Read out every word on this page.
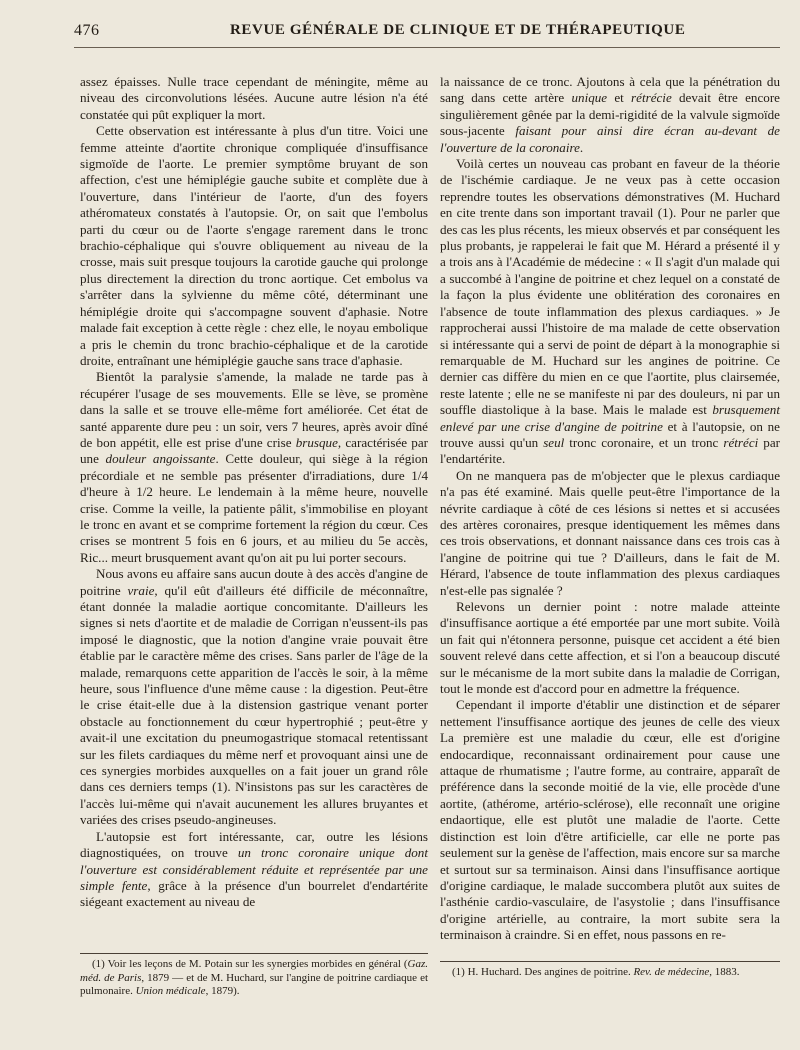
476	REVUE GÉNÉRALE DE CLINIQUE ET DE THÉRAPEUTIQUE

assez épaisses. Nulle trace cependant de méningite, même au niveau des circonvolutions lésées. Aucune autre lésion n'a été constatée qui pût expliquer la mort.

Cette observation est intéressante à plus d'un titre. Voici une femme atteinte d'aortite chronique compliquée d'insuffisance sigmoïde de l'aorte. Le premier symptôme bruyant de son affection, c'est une hémiplégie gauche subite et complète due à l'ouverture, dans l'intérieur de l'aorte, d'un des foyers athéromateux constatés à l'autopsie. Or, on sait que l'embolus parti du cœur ou de l'aorte s'engage rarement dans le tronc brachio-céphalique qui s'ouvre obliquement au niveau de la crosse, mais suit presque toujours la carotide gauche qui prolonge plus directement la direction du tronc aortique. Cet embolus va s'arrêter dans la sylvienne du même côté, déterminant une hémiplégie droite qui s'accompagne souvent d'aphasie. Notre malade fait exception à cette règle : chez elle, le noyau embolique a pris le chemin du tronc brachio-céphalique et de la carotide droite, entraînant une hémiplégie gauche sans trace d'aphasie.

Bientôt la paralysie s'amende, la malade ne tarde pas à récupérer l'usage de ses mouvements. Elle se lève, se promène dans la salle et se trouve elle-même fort améliorée. Cet état de santé apparente dure peu : un soir, vers 7 heures, après avoir dîné de bon appétit, elle est prise d'une crise brusque, caractérisée par une douleur angoissante. Cette douleur, qui siège à la région précordiale et ne semble pas présenter d'irradiations, dure 1/4 d'heure à 1/2 heure. Le lendemain à la même heure, nouvelle crise. Comme la veille, la patiente pâlit, s'immobilise en ployant le tronc en avant et se comprime fortement la région du cœur. Ces crises se montrent 5 fois en 6 jours, et au milieu du 5e accès, Ric... meurt brusquement avant qu'on ait pu lui porter secours.

Nous avons eu affaire sans aucun doute à des accès d'angine de poitrine vraie, qu'il eût d'ailleurs été difficile de méconnaître, étant donnée la maladie aortique concomitante. D'ailleurs les signes si nets d'aortite et de maladie de Corrigan n'eussent-ils pas imposé le diagnostic, que la notion d'angine vraie pouvait être établie par le caractère même des crises. Sans parler de l'âge de la malade, remarquons cette apparition de l'accès le soir, à la même heure, sous l'influence d'une même cause : la digestion. Peut-être le crise était-elle due à la distension gastrique venant porter obstacle au fonctionnement du cœur hypertrophié ; peut-être y avait-il une excitation du pneumogastrique stomacal retentissant sur les filets cardiaques du même nerf et provoquant ainsi une de ces synergies morbides auxquelles on a fait jouer un grand rôle dans ces derniers temps (1). N'insistons pas sur les caractères de l'accès lui-même qui n'avait aucunement les allures bruyantes et variées des crises pseudo-angineuses.

L'autopsie est fort intéressante, car, outre les lésions diagnostiquées, on trouve un tronc coronaire unique dont l'ouverture est considérablement réduite et représentée par une simple fente, grâce à la présence d'un bourrelet d'endartérite siégeant exactement au niveau de

la naissance de ce tronc. Ajoutons à cela que la pénétration du sang dans cette artère unique et rétrécie devait être encore singulièrement gênée par la demi-rigidité de la valvule sigmoïde sous-jacente faisant pour ainsi dire écran au-devant de l'ouverture de la coronaire.

Voilà certes un nouveau cas probant en faveur de la théorie de l'ischémie cardiaque. Je ne veux pas à cette occasion reprendre toutes les observations démonstratives (M. Huchard en cite trente dans son important travail (1). Pour ne parler que des cas les plus récents, les mieux observés et par conséquent les plus probants, je rappelerai le fait que M. Hérard a présenté il y a trois ans à l'Académie de médecine : « Il s'agit d'un malade qui a succombé à l'angine de poitrine et chez lequel on a constaté de la façon la plus évidente une oblitération des coronaires en l'absence de toute inflammation des plexus cardiaques. » Je rapprocherai aussi l'histoire de ma malade de cette observation si intéressante qui a servi de point de départ à la monographie si remarquable de M. Huchard sur les angines de poitrine. Ce dernier cas diffère du mien en ce que l'aortite, plus clairsemée, reste latente ; elle ne se manifeste ni par des douleurs, ni par un souffle diastolique à la base. Mais le malade est brusquement enlevé par une crise d'angine de poitrine et à l'autopsie, on ne trouve aussi qu'un seul tronc coronaire, et un tronc rétréci par l'endartérite.

On ne manquera pas de m'objecter que le plexus cardiaque n'a pas été examiné. Mais quelle peut-être l'importance de la névrite cardiaque à côté de ces lésions si nettes et si accusées des artères coronaires, presque identiquement les mêmes dans ces trois observations, et donnant naissance dans ces trois cas à l'angine de poitrine qui tue ? D'ailleurs, dans le fait de M. Hérard, l'absence de toute inflammation des plexus cardiaques n'est-elle pas signalée ?

Relevons un dernier point : notre malade atteinte d'insuffisance aortique a été emportée par une mort subite. Voilà un fait qui n'étonnera personne, puisque cet accident a été bien souvent relevé dans cette affection, et si l'on a beaucoup discuté sur le mécanisme de la mort subite dans la maladie de Corrigan, tout le monde est d'accord pour en admettre la fréquence.

Cependant il importe d'établir une distinction et de séparer nettement l'insuffisance aortique des jeunes de celle des vieux La première est une maladie du cœur, elle est d'origine endocardique, reconnaissant ordinairement pour cause une attaque de rhumatisme ; l'autre forme, au contraire, apparaît de préférence dans la seconde moitié de la vie, elle procède d'une aortite, (athérome, artério-sclérose), elle reconnaît une origine endaortique, elle est plutôt une maladie de l'aorte. Cette distinction est loin d'être artificielle, car elle ne porte pas seulement sur la genèse de l'affection, mais encore sur sa marche et surtout sur sa terminaison. Ainsi dans l'insuffisance aortique d'origine cardiaque, le malade succombera plutôt aux suites de l'asthénie cardio-vasculaire, de l'asystolie ; dans l'insuffisance d'origine artérielle, au contraire, la mort subite sera la terminaison à craindre. Si en effet, nous passons en re-

(1) Voir les leçons de M. Potain sur les synergies morbides en général (Gaz. méd. de Paris, 1879 — et de M. Huchard, sur l'angine de poitrine cardiaque et pulmonaire. Union médicale, 1879).

(1) H. Huchard. Des angines de poitrine. Rev. de médecine, 1883.
